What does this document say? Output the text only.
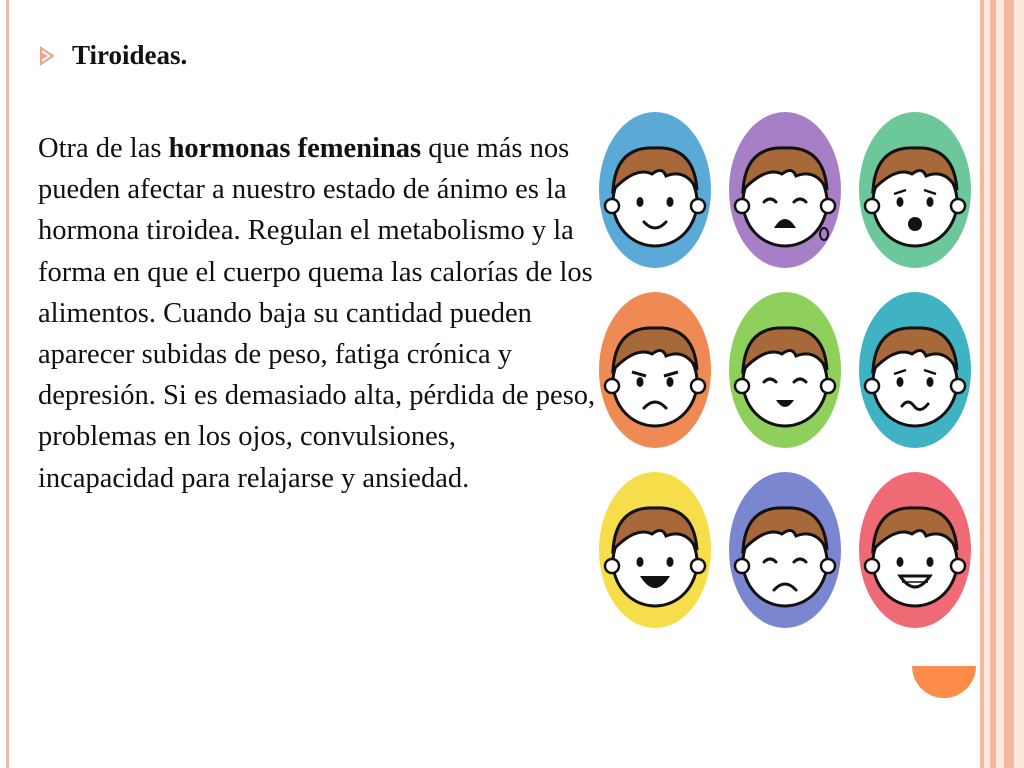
Tiroideas.
Otra de las hormonas femeninas que más nos pueden afectar a nuestro estado de ánimo es la hormona tiroidea. Regulan el metabolismo y la forma en que el cuerpo quema las calorías de los alimentos. Cuando baja su cantidad pueden aparecer subidas de peso, fatiga crónica y depresión. Si es demasiado alta, pérdida de peso, problemas en los ojos, convulsiones, incapacidad para relajarse y ansiedad.
